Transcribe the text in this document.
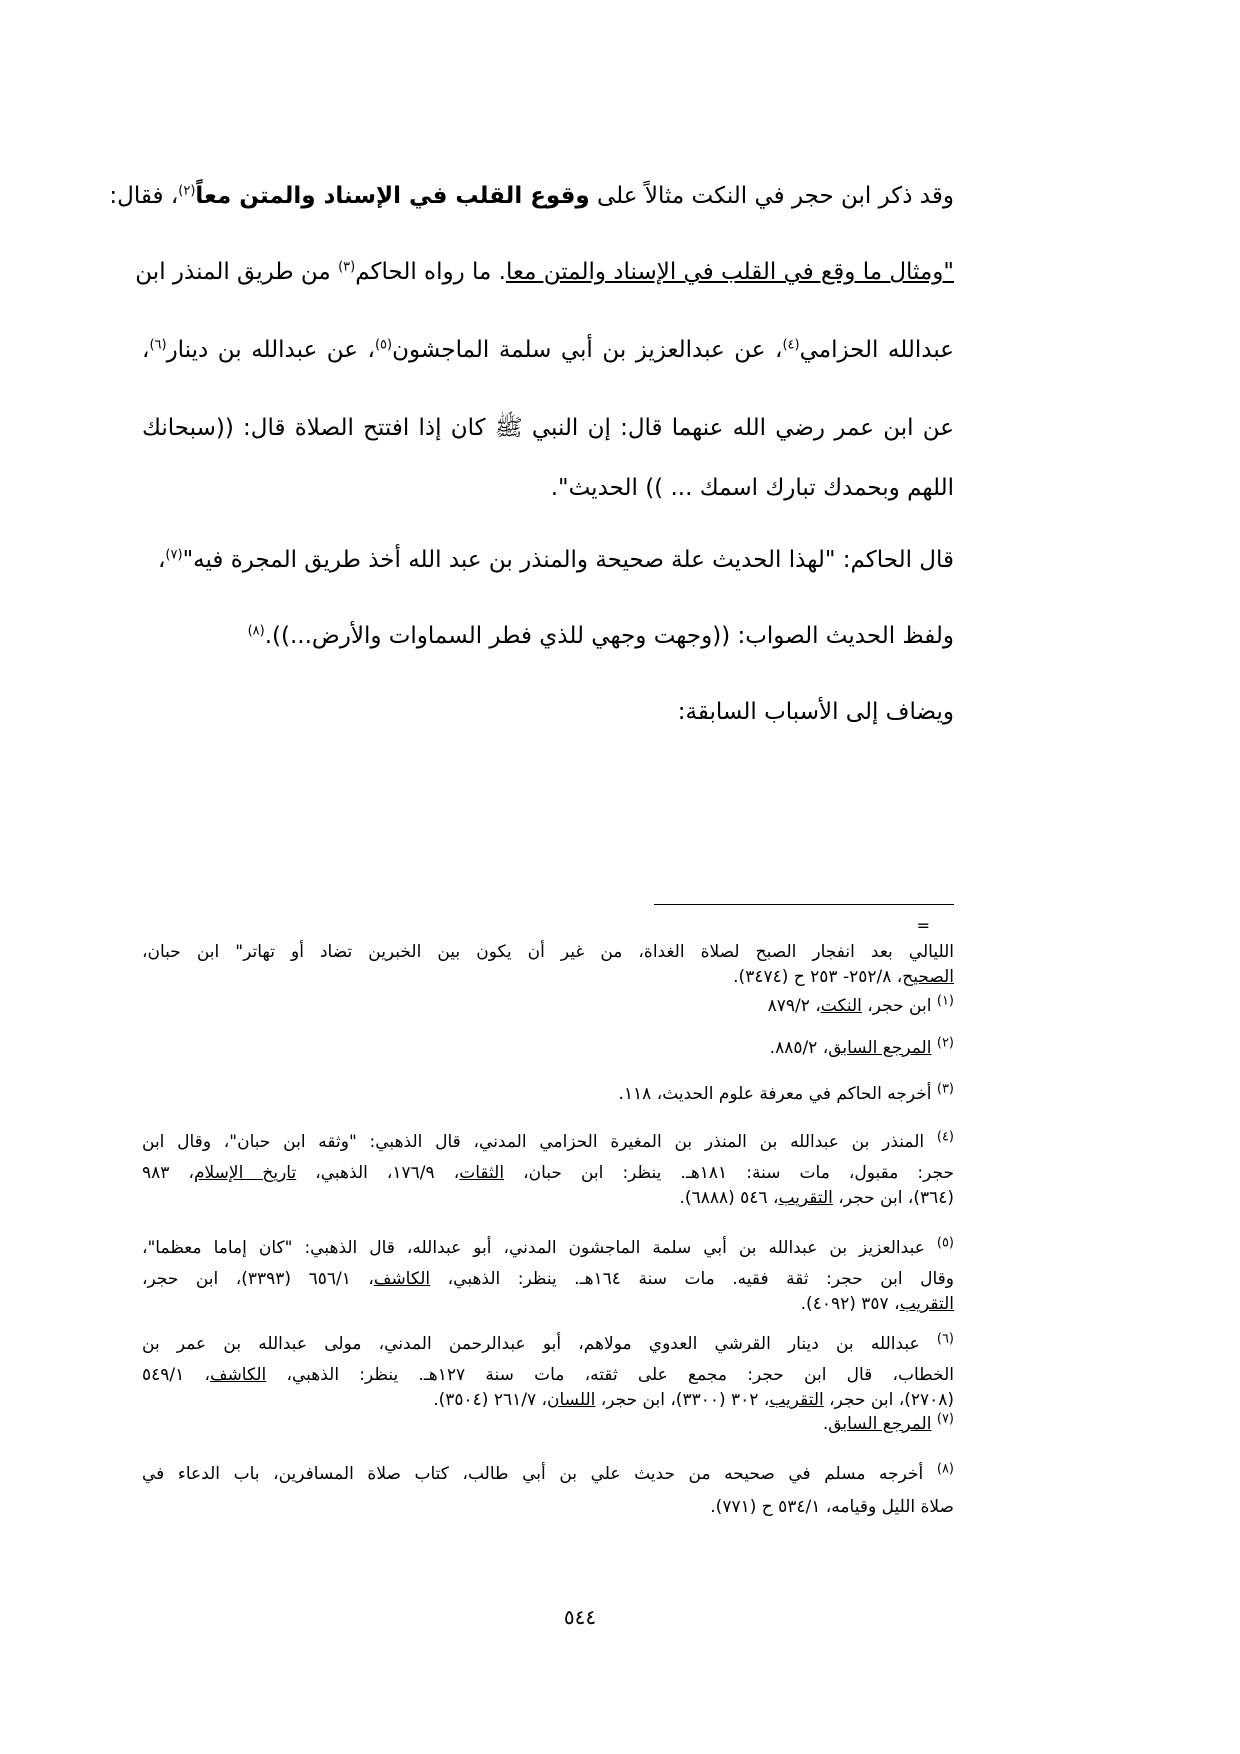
وقد ذكر ابن حجر في النكت مثالاً على وقوع القلب في الإسناد والمتن معاً$^{(٢)}$، فقال:
"ومثال ما وقع في القلب في الإسناد والمتن معا. ما رواه الحاكم$^{(٣)}$ من طريق المنذر ابن
عبدالله الحزامي$^{(٤)}$، عن عبدالعزيز بن أبي سلمة الماجشون$^{(٥)}$، عن عبدالله بن دينار$^{(٦)}$،
عن ابن عمر رضي الله عنهما قال: إن النبي ﷺ كان إذا افتتح الصلاة قال: ((سبحانك
اللهم وبحمدك تبارك اسمك ... )) الحديث".
قال الحاكم: "لهذا الحديث علة صحيحة والمنذر بن عبد الله أخذ طريق المجرة فيه"$^{(٧)}$،
ولفظ الحديث الصواب: ((وجهت وجهي للذي فطر السماوات والأرض...)).$^{(٨)}$
ويضاف إلى الأسباب السابقة:
=
الليالي بعد انفجار الصبح لصلاة الغداة، من غير أن يكون بين الخبرين تضاد أو تهاتر" ابن حبان،
الصحيح، ٢٥٢/٨- ٢٥٣ ح (٣٤٧٤).
$^{(١)}$ ابن حجر، النكت، ٨٧٩/٢
$^{(٢)}$ المرجع السابق، ٨٨٥/٢.
$^{(٣)}$ أخرجه الحاكم في معرفة علوم الحديث، ١١٨.
$^{(٤)}$ المنذر بن عبدالله بن المنذر بن المغيرة الحزامي المدني، قال الذهبي: "وثقه ابن حبان"، وقال ابن
حجر: مقبول، مات سنة: ١٨١هـ. ينظر: ابن حبان، الثقات، ١٧٦/٩، الذهبي، تاريخ الإسلام، ٩٨٣
(٣٦٤)، ابن حجر، التقريب، ٥٤٦ (٦٨٨٨).
$^{(٥)}$ عبدالعزيز بن عبدالله بن أبي سلمة الماجشون المدني، أبو عبدالله، قال الذهبي: "كان إماما معظما"،
وقال ابن حجر: ثقة فقيه. مات سنة ١٦٤هـ. ينظر: الذهبي، الكاشف، ٦٥٦/١ (٣٣٩٣)، ابن حجر،
التقريب، ٣٥٧ (٤٠٩٢).
$^{(٦)}$ عبدالله بن دينار القرشي العدوي مولاهم، أبو عبدالرحمن المدني، مولى عبدالله بن عمر بن
الخطاب، قال ابن حجر: مجمع على ثقته، مات سنة ١٢٧هـ. ينظر: الذهبي، الكاشف، ٥٤٩/١
(٢٧٠٨)، ابن حجر، التقريب، ٣٠٢ (٣٣٠٠)، ابن حجر، اللسان، ٢٦١/٧ (٣٥٠٤).
$^{(٧)}$ المرجع السابق.
$^{(٨)}$ أخرجه مسلم في صحيحه من حديث علي بن أبي طالب، كتاب صلاة المسافرين، باب الدعاء في
صلاة الليل وقيامه، ٥٣٤/١ ح (٧٧١).
٥٤٤
